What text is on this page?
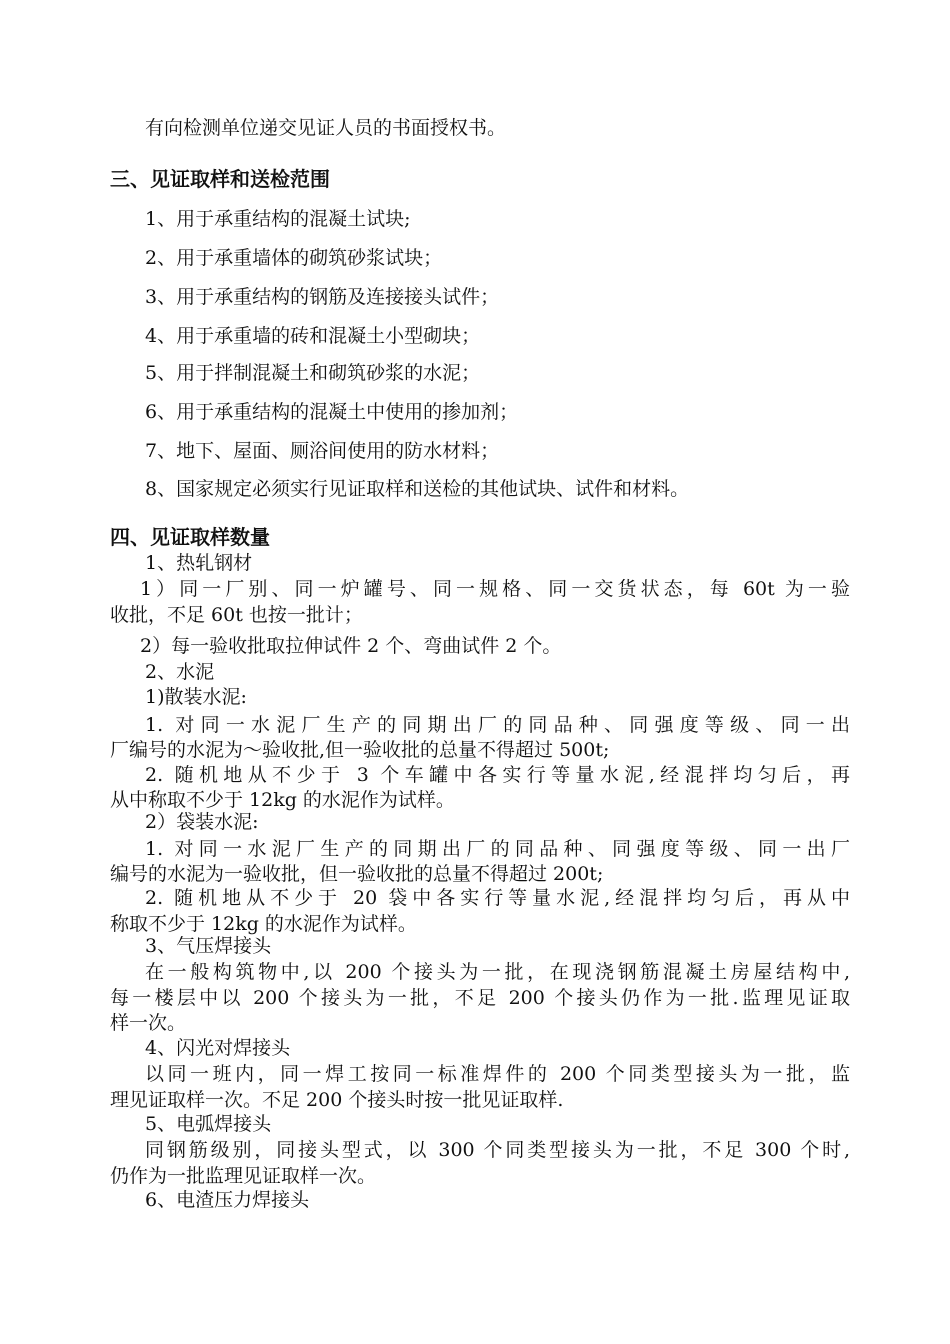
有向检测单位递交见证人员的书面授权书。
三、见证取样和送检范围
1、用于承重结构的混凝土试块;
2、用于承重墙体的砌筑砂浆试块；
3、用于承重结构的钢筋及连接接头试件；
4、用于承重墙的砖和混凝土小型砌块；
5、用于拌制混凝土和砌筑砂浆的水泥；
6、用于承重结构的混凝土中使用的掺加剂；
7、地下、屋面、厕浴间使用的防水材料；
8、国家规定必须实行见证取样和送检的其他试块、试件和材料。
四、见证取样数量
1、热轧钢材
1）同一厂别、同一炉罐号、同一规格、同一交货状态，每 60t 为一验
收批，不足 60t 也按一批计；
2）每一验收批取拉伸试件 2 个、弯曲试件 2 个。
2、水泥
1)散装水泥:
1. 对同一水泥厂生产的同期出厂的同品种、同强度等级、同一出
厂编号的水泥为～验收批,但一验收批的总量不得超过 500t;
2. 随机地从不少于 3 个车罐中各实行等量水泥,经混拌均匀后，再
从中称取不少于 12kg 的水泥作为试样。
2）袋装水泥:
1. 对同一水泥厂生产的同期出厂的同品种、同强度等级、同一出厂
编号的水泥为一验收批，但一验收批的总量不得超过 200t;
2. 随机地从不少于 20 袋中各实行等量水泥,经混拌均匀后，再从中
称取不少于 12kg 的水泥作为试样。
3、气压焊接头
在一般构筑物中,以 200 个接头为一批，在现浇钢筋混凝土房屋结构中,
每一楼层中以 200 个接头为一批，不足 200 个接头仍作为一批.监理见证取
样一次。
4、闪光对焊接头
以同一班内，同一焊工按同一标准焊件的 200 个同类型接头为一批，监
理见证取样一次。不足 200 个接头时按一批见证取样.
5、电弧焊接头
同钢筋级别，同接头型式，以 300 个同类型接头为一批，不足 300 个时,
仍作为一批监理见证取样一次。
6、电渣压力焊接头
